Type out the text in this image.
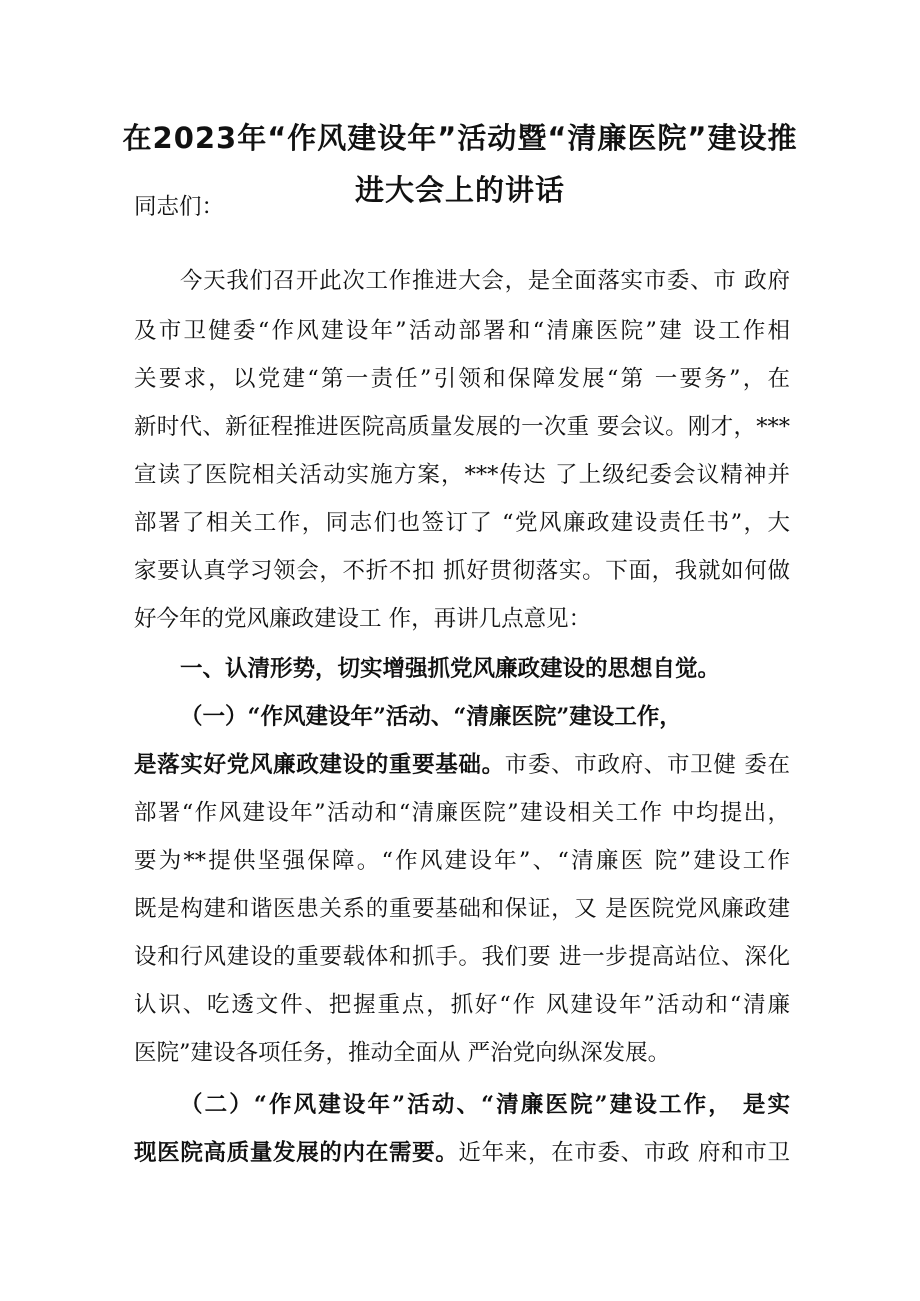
在2023年“作风建设年”活动暨“清廉医院”建设推
进大会上的讲话
同志们：
今天我们召开此次工作推进大会，是全面落实市委、市 政府
及市卫健委“作风建设年”活动部署和“清廉医院”建 设工作相
关要求，以党建“第一责任”引领和保障发展“第 一要务”，在
新时代、新征程推进医院高质量发展的一次重 要会议。刚才，***
宣读了医院相关活动实施方案，***传达 了上级纪委会议精神并
部署了相关工作，同志们也签订了 “党风廉政建设责任书”，大
家要认真学习领会，不折不扣 抓好贯彻落实。下面，我就如何做
好今年的党风廉政建设工 作，再讲几点意见：
一、认清形势，切实增强抓党风廉政建设的思想自觉。
（一）“作风建设年”活动、“清廉医院”建设工作，
是落实好党风廉政建设的重要基础。市委、市政府、市卫健 委在
部署“作风建设年”活动和“清廉医院”建设相关工作 中均提出，
要为**提供坚强保障。“作风建设年”、“清廉医 院”建设工作
既是构建和谐医患关系的重要基础和保证，又 是医院党风廉政建
设和行风建设的重要载体和抓手。我们要 进一步提高站位、深化
认识、吃透文件、把握重点，抓好“作 风建设年”活动和“清廉
医院”建设各项任务，推动全面从 严治党向纵深发展。
（二）“作风建设年”活动、“清廉医院”建设工作， 是实
现医院高质量发展的内在需要。近年来，在市委、市政 府和市卫
